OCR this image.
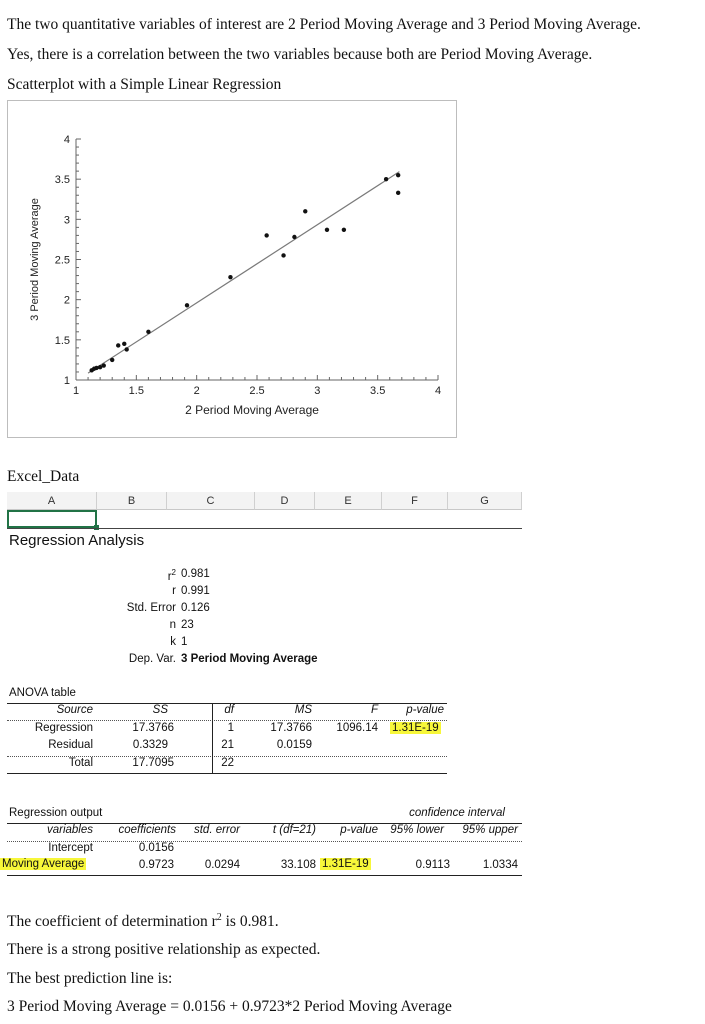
The two quantitative variables of interest are 2 Period Moving Average and 3 Period Moving Average.
Yes, there is a correlation between the two variables because both are Period Moving Average.
Scatterplot with a Simple Linear Regression
1
1.5
2
2.5
3
3.5
4
1	1.5	2	2.5	3	3.5	4
2 Period Moving Average
3 Period Moving Average
Excel_Data
A	B	C	D	E	F	G
Regression Analysis
$r^2$ 0.981
r 0.991
Std. Error 0.126
n 23
k 1
Dep. Var. 3 Period Moving Average
ANOVA table
Source	SS	df	MS	F	p-value
Regression	17.3766	1	17.3766	1096.14 1.31E-19
Residual	0.3329	21	0.0159
Total	17.7095	22
Regression output	confidence interval
variables	coefficients	std. error	t (df=21)	p-value	95% lower	95% upper
Intercept	0.0156
Moving Average	0.9723	0.0294	33.108 1.31E-19	0.9113	1.0334
The coefficient of determination $r^2$ is 0.981.
There is a strong positive relationship as expected.
The best prediction line is:
3 Period Moving Average = 0.0156 + 0.9723*2 Period Moving Average
